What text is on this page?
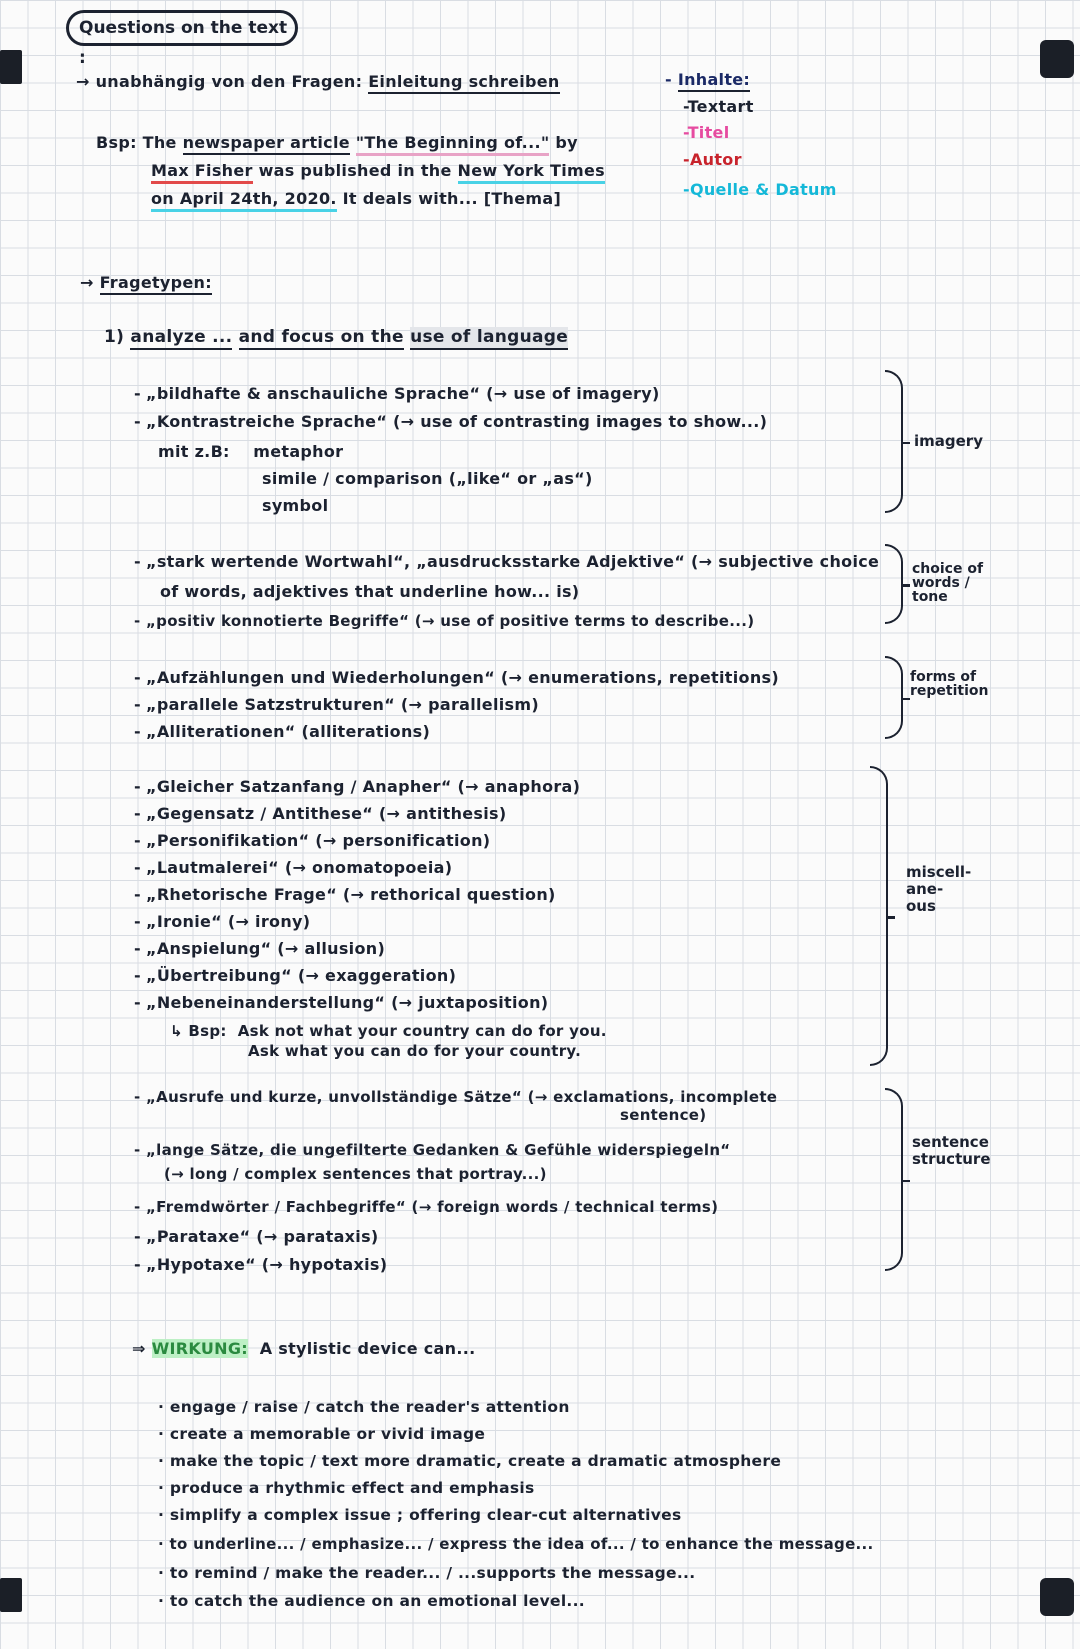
Questions on the text :
→ unabhängig von den Fragen: Einleitung schreiben
Bsp: The newspaper article "The Beginning of..." by
Max Fisher was published in the New York Times
on April 24th, 2020. It deals with... [Thema]
- Inhalte:
-Textart
-Titel
-Autor
-Quelle & Datum
→ Fragetypen:
1) analyze ... and focus on the use of language
- „bildhafte & anschauliche Sprache“ (→ use of imagery)
- „Kontrastreiche Sprache“ (→ use of contrasting images to show...)
mit z.B: metaphor
simile / comparison („like“ or „as“)
symbol
imagery
- „stark wertende Wortwahl“, „ausdrucksstarke Adjektive“ (→ subjective choice
of words, adjektives that underline how... is)
- „positiv konnotierte Begriffe“ (→ use of positive terms to describe...)
choice of
words /
tone
- „Aufzählungen und Wiederholungen“ (→ enumerations, repetitions)
- „parallele Satzstrukturen“ (→ parallelism)
- „Alliterationen“ (alliterations)
forms of
repetition
- „Gleicher Satzanfang / Anapher“ (→ anaphora)
- „Gegensatz / Antithese“ (→ antithesis)
- „Personifikation“ (→ personification)
- „Lautmalerei“ (→ onomatopoeia)
- „Rhetorische Frage“ (→ rethorical question)
- „Ironie“ (→ irony)
- „Anspielung“ (→ allusion)
- „Übertreibung“ (→ exaggeration)
- „Nebeneinanderstellung“ (→ juxtaposition)
↳ Bsp: Ask not what your country can do for you.
Ask what you can do for your country.
miscell-
ane-
ous
- „Ausrufe und kurze, unvollständige Sätze“ (→ exclamations, incomplete
sentence)
- „lange Sätze, die ungefilterte Gedanken & Gefühle widerspiegeln“
(→ long / complex sentences that portray...)
- „Fremdwörter / Fachbegriffe“ (→ foreign words / technical terms)
- „Parataxe“ (→ parataxis)
- „Hypotaxe“ (→ hypotaxis)
sentence
structure
⇒ WIRKUNG: A stylistic device can...
· engage / raise / catch the reader's attention
· create a memorable or vivid image
· make the topic / text more dramatic, create a dramatic atmosphere
· produce a rhythmic effect and emphasis
· simplify a complex issue ; offering clear-cut alternatives
· to underline... / emphasize... / express the idea of... / to enhance the message...
· to remind / make the reader... / ...supports the message...
· to catch the audience on an emotional level...
